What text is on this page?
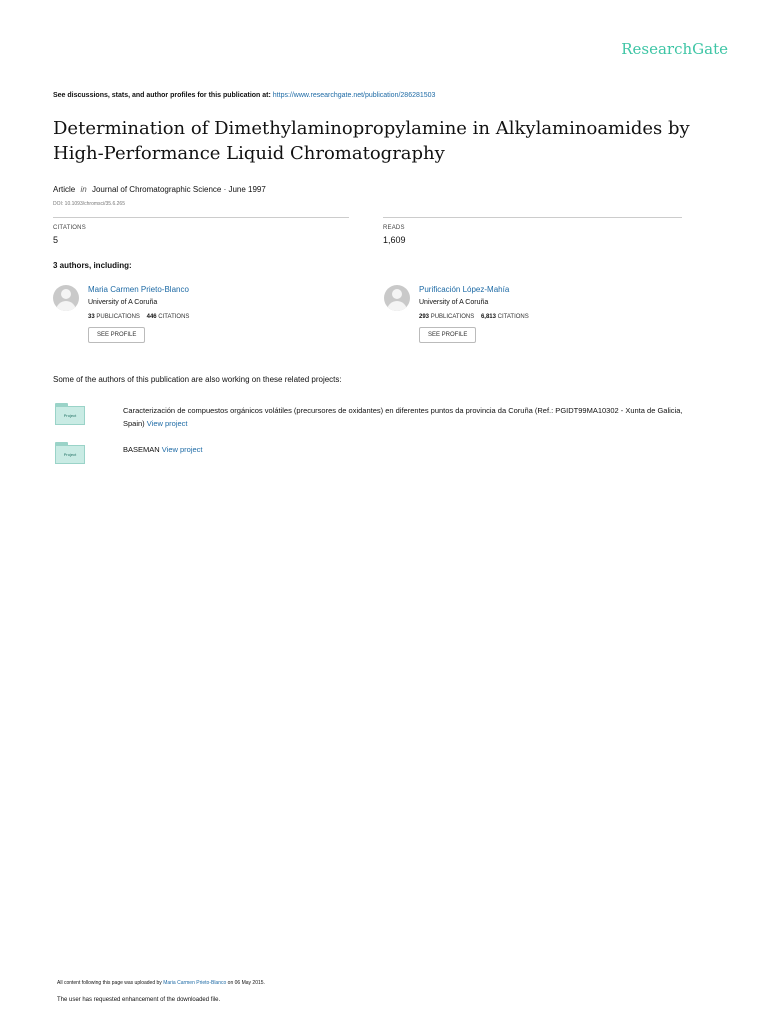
ResearchGate
See discussions, stats, and author profiles for this publication at: https://www.researchgate.net/publication/286281503
Determination of Dimethylaminopropylamine in Alkylaminoamides by High-Performance Liquid Chromatography
Article in Journal of Chromatographic Science · June 1997
DOI: 10.1093/chromsci/35.6.265
CITATIONS
5
READS
1,609
3 authors, including:
Maria Carmen Prieto-Blanco
University of A Coruña
33 PUBLICATIONS 446 CITATIONS
SEE PROFILE
Purificación López-Mahía
University of A Coruña
293 PUBLICATIONS 6,813 CITATIONS
SEE PROFILE
Some of the authors of this publication are also working on these related projects:
Project
Caracterización de compuestos orgánicos volátiles (precursores de oxidantes) en diferentes puntos da provincia da Coruña (Ref.: PGIDT99MA10302 - Xunta de Galicia, Spain) View project
Project
BASEMAN View project
All content following this page was uploaded by Maria Carmen Prieto-Blanco on 06 May 2015.
The user has requested enhancement of the downloaded file.
